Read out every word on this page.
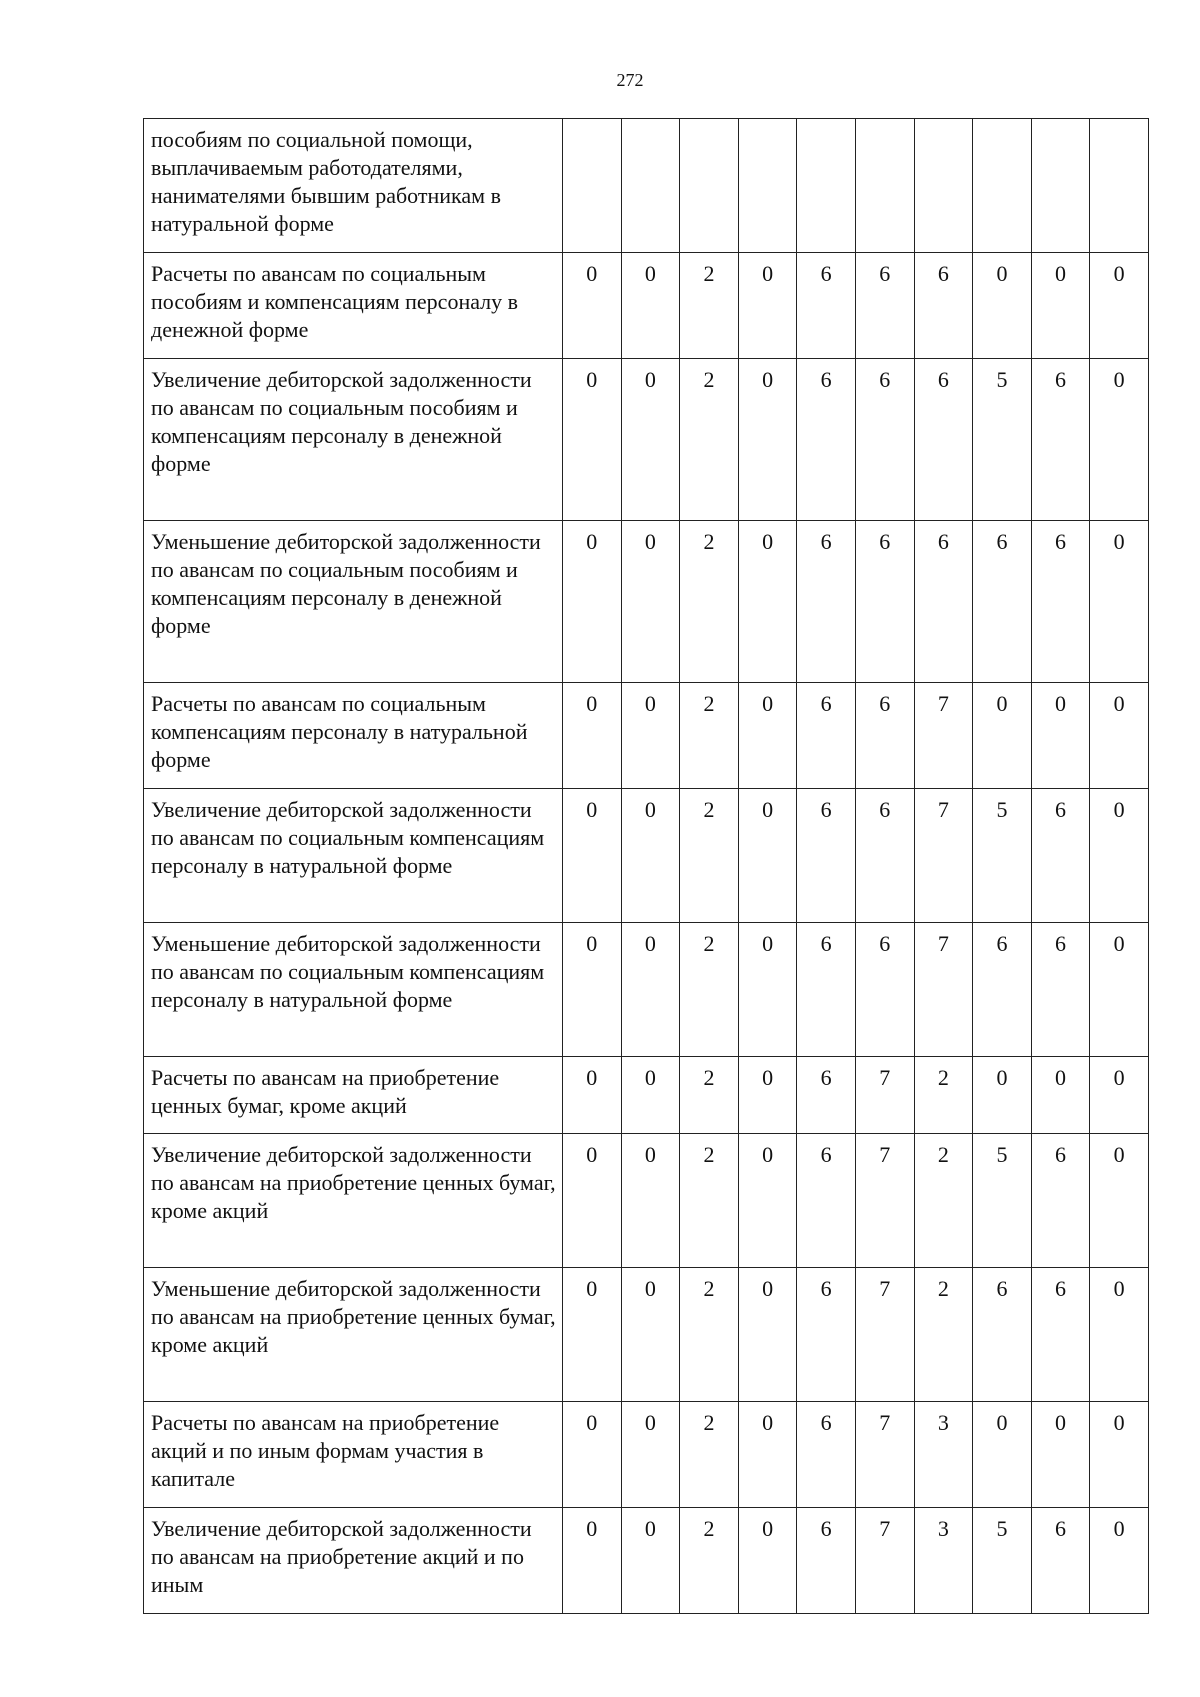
272
пособиям по социальной помощи, выплачиваемым работодателями, нанимателями бывшим работникам в натуральной форме										
Расчеты по авансам по социальным пособиям и компенсациям персоналу в денежной форме	0	0	2	0	6	6	6	0	0	0
Увеличение дебиторской задолженности по авансам по социальным пособиям и компенсациям персоналу в денежной форме	0	0	2	0	6	6	6	5	6	0
Уменьшение дебиторской задолженности по авансам по социальным пособиям и компенсациям персоналу в денежной форме	0	0	2	0	6	6	6	6	6	0
Расчеты по авансам по социальным компенсациям персоналу в натуральной форме	0	0	2	0	6	6	7	0	0	0
Увеличение дебиторской задолженности по авансам по социальным компенсациям персоналу в натуральной форме	0	0	2	0	6	6	7	5	6	0
Уменьшение дебиторской задолженности по авансам по социальным компенсациям персоналу в натуральной форме	0	0	2	0	6	6	7	6	6	0
Расчеты по авансам на приобретение ценных бумаг, кроме акций	0	0	2	0	6	7	2	0	0	0
Увеличение дебиторской задолженности по авансам на приобретение ценных бумаг, кроме акций	0	0	2	0	6	7	2	5	6	0
Уменьшение дебиторской задолженности по авансам на приобретение ценных бумаг, кроме акций	0	0	2	0	6	7	2	6	6	0
Расчеты по авансам на приобретение акций и по иным формам участия в капитале	0	0	2	0	6	7	3	0	0	0
Увеличение дебиторской задолженности по авансам на приобретение акций и по иным	0	0	2	0	6	7	3	5	6	0
